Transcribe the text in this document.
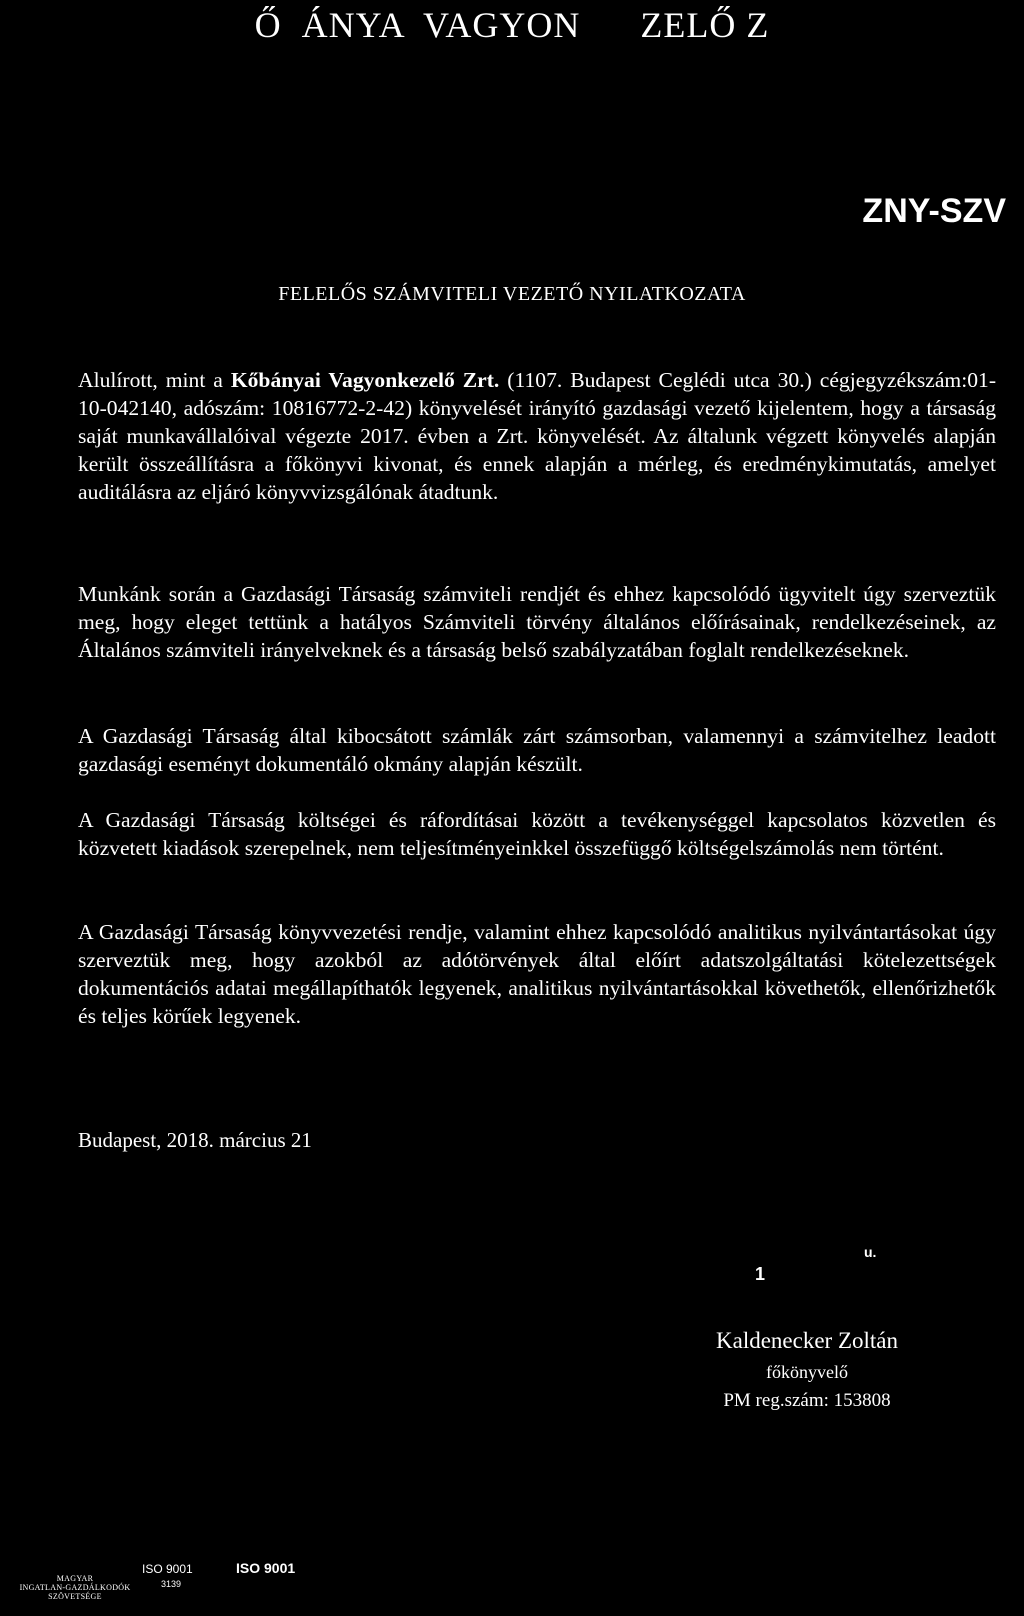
Ő  ÁNYA  VAGYON      ZELŐ Z
ZNY-SZV
FELELŐS SZÁMVITELI VEZETŐ NYILATKOZATA

Alulírott, mint a Kőbányai Vagyonkezelő Zrt. (1107. Budapest Ceglédi utca 30.) cégjegyzékszám:01-10-042140, adószám: 10816772-2-42) könyvelését irányító gazdasági vezető kijelentem, hogy a társaság saját munkavállalóival végezte 2017. évben a Zrt. könyvelését. Az általunk végzett könyvelés alapján került összeállításra a főkönyvi kivonat, és ennek alapján a mérleg, és eredménykimutatás, amelyet auditálásra az eljáró könyvvizsgálónak átadtunk.

Munkánk során a Gazdasági Társaság számviteli rendjét és ehhez kapcsolódó ügyvitelt úgy szerveztük meg, hogy eleget tettünk a hatályos Számviteli törvény általános előírásainak, rendelkezéseinek, az Általános számviteli irányelveknek és a társaság belső szabályzatában foglalt rendelkezéseknek.

A Gazdasági Társaság által kibocsátott számlák zárt számsorban, valamennyi a számvitelhez leadott gazdasági eseményt dokumentáló okmány alapján készült.

A Gazdasági Társaság költségei és ráfordításai között a tevékenységgel kapcsolatos közvetlen és közvetett kiadások szerepelnek, nem teljesítményeinkkel összefüggő költségelszámolás nem történt.

A Gazdasági Társaság könyvvezetési rendje, valamint ehhez kapcsolódó analitikus nyilvántartásokat úgy szerveztük meg, hogy azokból az adótörvények által előírt adatszolgáltatási kötelezettségek dokumentációs adatai megállapíthatók legyenek, analitikus nyilvántartásokkal követhetők, ellenőrizhetők és teljes körűek legyenek.

Budapest, 2018. március 21
1
u.
Kaldenecker Zoltán
főkönyvelő
PM reg.szám: 153808
MAGYAR
INGATLAN-GAZDÁLKODÓK
SZÖVETSÉGE
ISO 9001
3139
ISO 9001
